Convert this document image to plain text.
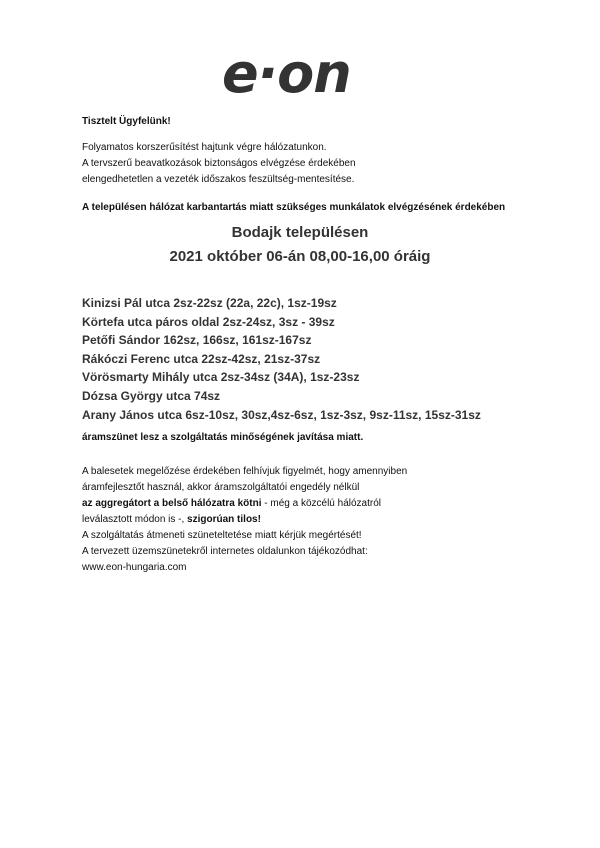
e·on
Tisztelt Ügyfelünk!
Folyamatos korszerűsítést hajtunk végre hálózatunkon.
A tervszerű beavatkozások biztonságos elvégzése érdekében
elengedhetetlen a vezeték időszakos feszültség-mentesítése.
A településen hálózat karbantartás miatt szükséges munkálatok elvégzésének érdekében
Bodajk településen
2021 október 06-án 08,00-16,00 óráig
Kinizsi Pál utca 2sz-22sz (22a, 22c), 1sz-19sz
Körtefa utca páros oldal 2sz-24sz, 3sz - 39sz
Petőfi Sándor 162sz, 166sz, 161sz-167sz
Rákóczi Ferenc utca 22sz-42sz, 21sz-37sz
Vörösmarty Mihály utca 2sz-34sz (34A), 1sz-23sz
Dózsa György utca 74sz
Arany János utca 6sz-10sz, 30sz,4sz-6sz, 1sz-3sz, 9sz-11sz, 15sz-31sz
áramszünet lesz a szolgáltatás minőségének javítása miatt.
A balesetek megelőzése érdekében felhívjuk figyelmét, hogy amennyiben
áramfejlesztőt használ, akkor áramszolgáltatói engedély nélkül
az aggregátort a belső hálózatra kötni - még a közcélú hálózatról
leválasztott módon is -, szigorúan tilos!
A szolgáltatás átmeneti szüneteltetése miatt kérjük megértését!
A tervezett üzemszünetekről internetes oldalunkon tájékozódhat:
www.eon-hungaria.com
